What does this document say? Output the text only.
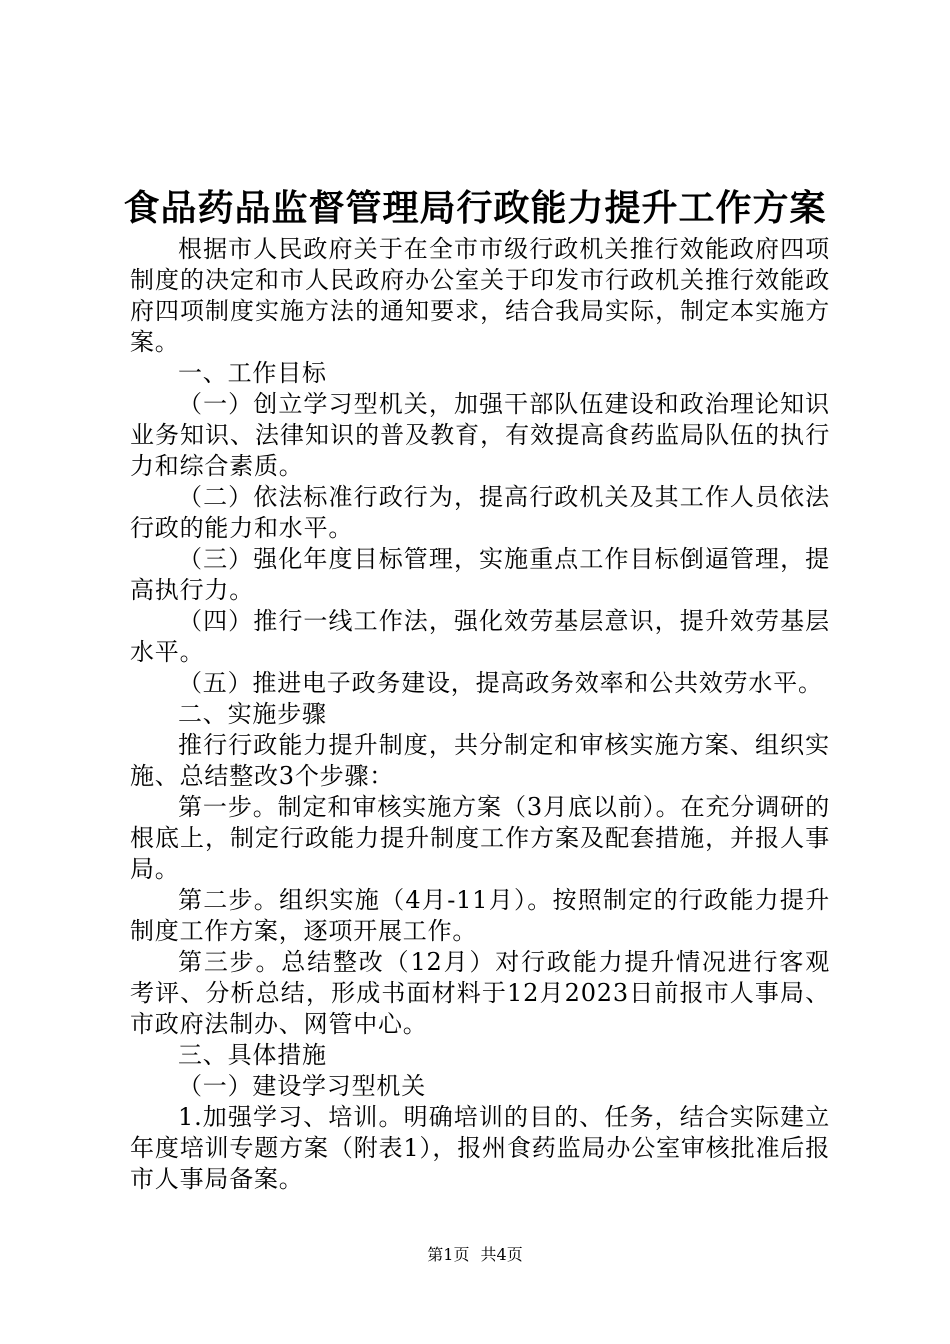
食品药品监督管理局行政能力提升工作方案

根据市人民政府关于在全市市级行政机关推行效能政府四项制度的决定和市人民政府办公室关于印发市行政机关推行效能政府四项制度实施方法的通知要求，结合我局实际，制定本实施方案。

一、工作目标

（一）创立学习型机关，加强干部队伍建设和政治理论知识业务知识、法律知识的普及教育，有效提高食药监局队伍的执行力和综合素质。

（二）依法标准行政行为，提高行政机关及其工作人员依法行政的能力和水平。

（三）强化年度目标管理，实施重点工作目标倒逼管理，提高执行力。

（四）推行一线工作法，强化效劳基层意识，提升效劳基层水平。

（五）推进电子政务建设，提高政务效率和公共效劳水平。

二、实施步骤

推行行政能力提升制度，共分制定和审核实施方案、组织实施、总结整改3个步骤：

第一步。制定和审核实施方案（3月底以前）。在充分调研的根底上，制定行政能力提升制度工作方案及配套措施，并报人事局。

第二步。组织实施（4月-11月）。按照制定的行政能力提升制度工作方案，逐项开展工作。

第三步。总结整改（12月）对行政能力提升情况进行客观考评、分析总结，形成书面材料于12月2023日前报市人事局、市政府法制办、网管中心。

三、具体措施

（一）建设学习型机关

1.加强学习、培训。明确培训的目的、任务，结合实际建立年度培训专题方案（附表1），报州食药监局办公室审核批准后报市人事局备案。

第1页 共4页
